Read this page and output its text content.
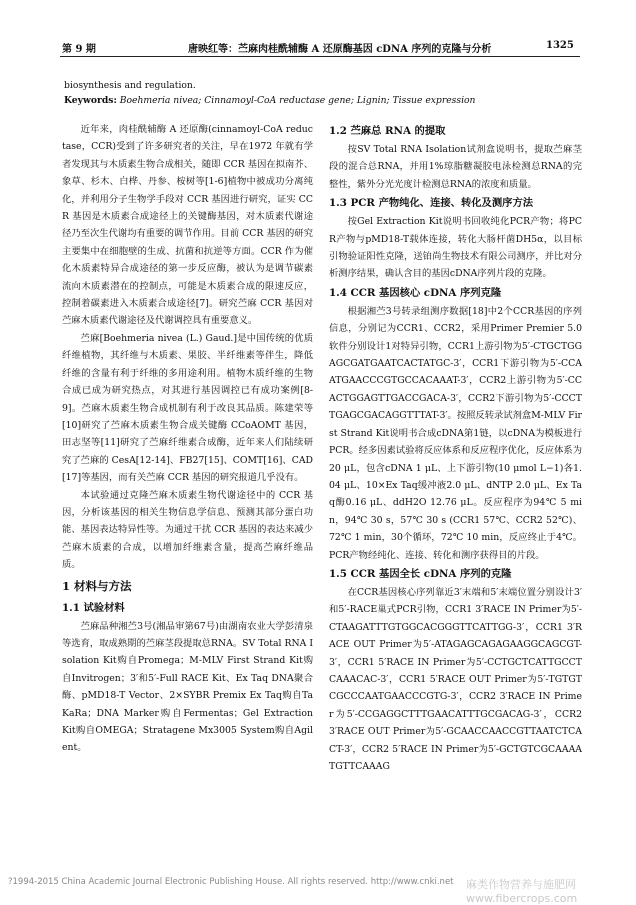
第 9 期	唐映红等：苎麻肉桂酰辅酶 A 还原酶基因 cDNA 序列的克隆与分析	1325
biosynthesis and regulation.
Keywords: Boehmeria nivea; Cinnamoyl-CoA reductase gene; Lignin; Tissue expression

近年来，肉桂酰辅酶 A 还原酶(cinnamoyl-CoA reductase，CCR)受到了许多研究者的关注，早在1972 年就有学者发现其与木质素生物合成相关，随即 CCR 基因在拟南芥、象草、杉木、白桦、丹参、桉树等[1-6]植物中被成功分离纯化，并利用分子生物学手段对 CCR 基因进行研究，证实 CCR 基因是木质素合成途径上的关键酶基因，对木质素代谢途径乃至次生代谢均有重要的调节作用。目前 CCR 基因的研究主要集中在细胞壁的生成、抗菌和抗逆等方面。CCR 作为催化木质素特异合成途径的第一步反应酶，被认为是调节碳素流向木质素潜在的控制点，可能是木质素合成的限速反应，控制着碳素进入木质素合成途径[7]。研究苎麻 CCR 基因对苎麻木质素代谢途径及代谢调控具有重要意义。

苎麻[Boehmeria nivea (L.) Gaud.]是中国传统的优质纤维植物，其纤维与木质素、果胶、半纤维素等伴生，降低纤维的含量有利于纤维的多用途利用。植物木质纤维的生物合成已成为研究热点，对其进行基因调控已有成功案例[8-9]。苎麻木质素生物合成机制有利于改良其品质。陈建荣等[10]研究了苎麻木质素生物合成关键酶 CCoAOMT 基因，田志坚等[11]研究了苎麻纤维素合成酶，近年来人们陆续研究了苎麻的 CesA[12-14]、FB27[15]、COMT[16]、CAD[17]等基因，而有关苎麻 CCR 基因的研究报道几乎没有。

本试验通过克隆苎麻木质素生物代谢途径中的 CCR 基因，分析该基因的相关生物信息学信息、预测其部分蛋白功能、基因表达特异性等。为通过干扰 CCR 基因的表达来减少苎麻木质素的合成，以增加纤维素含量，提高苎麻纤维品质。

1 材料与方法

1.1 试验材料

苎麻品种湘苎3号(湘品审第67号)由湖南农业大学彭清泉等选育，取成熟期的苎麻茎段提取总RNA。SV Total RNA Isolation Kit购自Promega；M-MLV First Strand Kit购自Invitrogen；3′和5′-Full RACE Kit、Ex Taq DNA聚合酶、pMD18-T Vector、2×SYBR Premix Ex Taq购自TaKaRa；DNA Marker购自Fermentas；Gel Extraction Kit购自OMEGA；Stratagene Mx3005 System购自Agilent。

1.2 苎麻总 RNA 的提取

按SV Total RNA Isolation试剂盒说明书，提取苎麻茎段的混合总RNA，并用1%琼脂糖凝胶电泳检测总RNA的完整性，紫外分光光度计检测总RNA的浓度和质量。

1.3 PCR 产物纯化、连接、转化及测序方法

按Gel Extraction Kit说明书回收纯化PCR产物；将PCR产物与pMD18-T载体连接，转化大肠杆菌DH5α，以目标引物验证阳性克隆，送铂尚生物技术有限公司测序，并比对分析测序结果，确认含目的基因cDNA序列片段的克隆。

1.4 CCR 基因核心 cDNA 序列克隆

根据湘苎3号转录组测序数据[18]中2个CCR基因的序列信息，分别记为CCR1、CCR2，采用Primer Premier 5.0软件分别设计1对特异引物，CCR1上游引物为5′-CTGCTGGAGCGATGAATCACTATGC-3′，CCR1下游引物为5′-CCAATGAACCCGTGCCACAAAT-3′，CCR2上游引物为5′-CCACTGGAGTTGACCGACA-3′，CCR2下游引物为5′-CCCTTGAGCGACAGGTTTAT-3′。按照反转录试剂盒M-MLV First Strand Kit说明书合成cDNA第1链，以cDNA为模板进行PCR。经多因素试验将反应体系和反应程序优化，反应体系为20 μL，包含cDNA 1 μL、上下游引物(10 μmol L−1)各1.04 μL、10×Ex Taq缓冲液2.0 μL、dNTP 2.0 μL、Ex Taq酶0.16 μL、ddH2O 12.76 μL。反应程序为94℃ 5 min，94℃ 30 s，57℃ 30 s (CCR1 57℃、CCR2 52℃)、72℃ 1 min，30个循环，72℃ 10 min，反应终止于4℃。PCR产物经纯化、连接、转化和测序获得目的片段。

1.5 CCR 基因全长 cDNA 序列的克隆

在CCR基因核心序列靠近3′末端和5′末端位置分别设计3′和5′-RACE巢式PCR引物，CCR1 3′RACE IN Primer为5′-CTAAGATTTGTGGCACGGGTTCATTGG-3′，CCR1 3′RACE OUT Primer为5′-ATAGAGCAGAGAAGGCAGCGT-3′，CCR1 5′RACE IN Primer为5′-CCTGCTCATTGCCTCAAACAC-3′，CCR1 5′RACE OUT Primer为5′-TGTGTCGCCCAATGAACCCGTG-3′，CCR2 3′RACE IN Primer为5′-CCGAGGCTTTGAACATTTGCGACAG-3′，CCR2 3′RACE OUT Primer为5′-GCAACCAACCGTTAATCTCACT-3′，CCR2 5′RACE IN Primer为5′-GCTGTCGCAAAATGTTCAAAG

?1994-2015 China Academic Journal Electronic Publishing House. All rights reserved. http://www.cnki.net 麻类作物营养与施肥网 www.fibercrops.com
